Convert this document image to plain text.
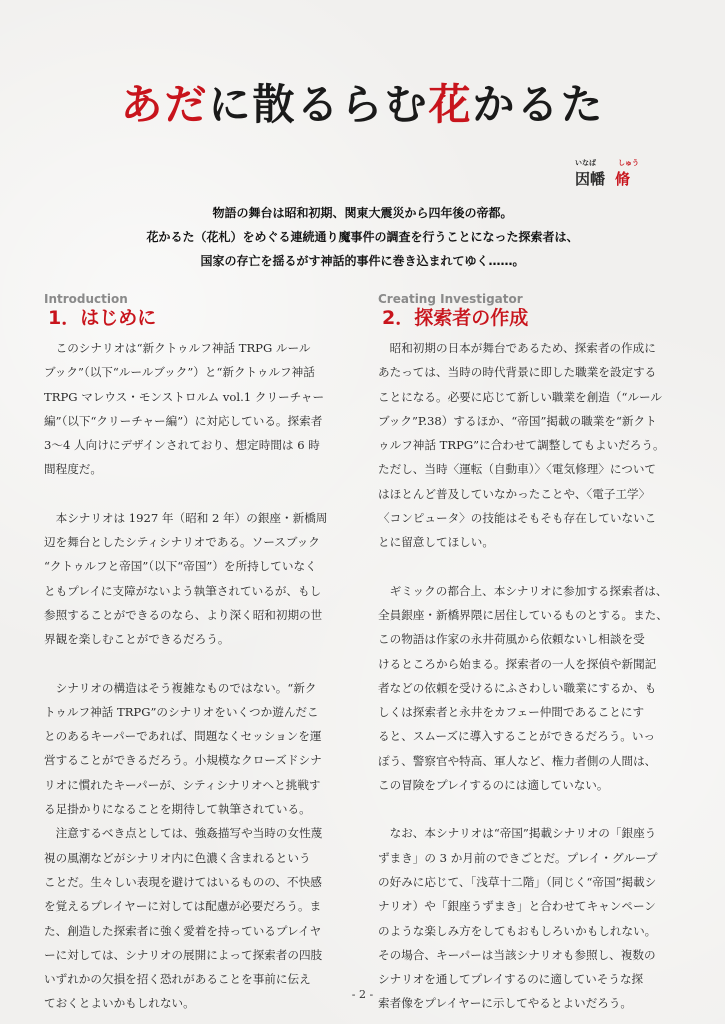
あだに散るらむ花かるた
いなば	しゅう
因幡 脩
物語の舞台は昭和初期、関東大震災から四年後の帝都。
花かるた（花札）をめぐる連続通り魔事件の調査を行うことになった探索者は、
国家の存亡を揺るがす神話的事件に巻き込まれてゆく……。
Introduction
1．はじめに
　このシナリオは“新クトゥルフ神話 TRPG ルール
ブック”（以下“ルールブック”）と“新クトゥルフ神話
TRPG マレウス・モンストロルム vol.1 クリーチャー
編”（以下“クリーチャー編”）に対応している。探索者
3～4 人向けにデザインされており、想定時間は 6 時
間程度だ。
　本シナリオは 1927 年（昭和 2 年）の銀座・新橋周
辺を舞台としたシティシナリオである。ソースブック
“クトゥルフと帝国”（以下“帝国”）を所持していなく
ともプレイに支障がないよう執筆されているが、もし
参照することができるのなら、より深く昭和初期の世
界観を楽しむことができるだろう。
　シナリオの構造はそう複雑なものではない。“新ク
トゥルフ神話 TRPG”のシナリオをいくつか遊んだこ
とのあるキーパーであれば、問題なくセッションを運
営することができるだろう。小規模なクローズドシナ
リオに慣れたキーパーが、シティシナリオへと挑戦す
る足掛かりになることを期待して執筆されている。
　注意するべき点としては、強姦描写や当時の女性蔑
視の風潮などがシナリオ内に色濃く含まれるという
ことだ。生々しい表現を避けてはいるものの、不快感
を覚えるプレイヤーに対しては配慮が必要だろう。ま
た、創造した探索者に強く愛着を持っているプレイヤ
ーに対しては、シナリオの展開によって探索者の四肢
いずれかの欠損を招く恐れがあることを事前に伝え
ておくとよいかもしれない。
Creating Investigator
2．探索者の作成
　昭和初期の日本が舞台であるため、探索者の作成に
あたっては、当時の時代背景に即した職業を設定する
ことになる。必要に応じて新しい職業を創造（“ルール
ブック”P.38）するほか、“帝国”掲載の職業を“新クト
ゥルフ神話 TRPG”に合わせて調整してもよいだろう。
ただし、当時〈運転（自動車）〉〈電気修理〉について
はほとんど普及していなかったことや、〈電子工学〉
〈コンピュータ〉の技能はそもそも存在していないこ
とに留意してほしい。
　ギミックの都合上、本シナリオに参加する探索者は、
全員銀座・新橋界隈に居住しているものとする。また、
この物語は作家の永井荷風から依頼ないし相談を受
けるところから始まる。探索者の一人を探偵や新聞記
者などの依頼を受けるにふさわしい職業にするか、も
しくは探索者と永井をカフェー仲間であることにす
ると、スムーズに導入することができるだろう。いっ
ぽう、警察官や特高、軍人など、権力者側の人間は、
この冒険をプレイするのには適していない。
　なお、本シナリオは“帝国”掲載シナリオの「銀座う
ずまき」の 3 か月前のできごとだ。プレイ・グループ
の好みに応じて、「浅草十二階」（同じく“帝国”掲載シ
ナリオ）や「銀座うずまき」と合わせてキャンペーン
のような楽しみ方をしてもおもしろいかもしれない。
その場合、キーパーは当該シナリオも参照し、複数の
シナリオを通してプレイするのに適していそうな探
索者像をプレイヤーに示してやるとよいだろう。
- 2 -
